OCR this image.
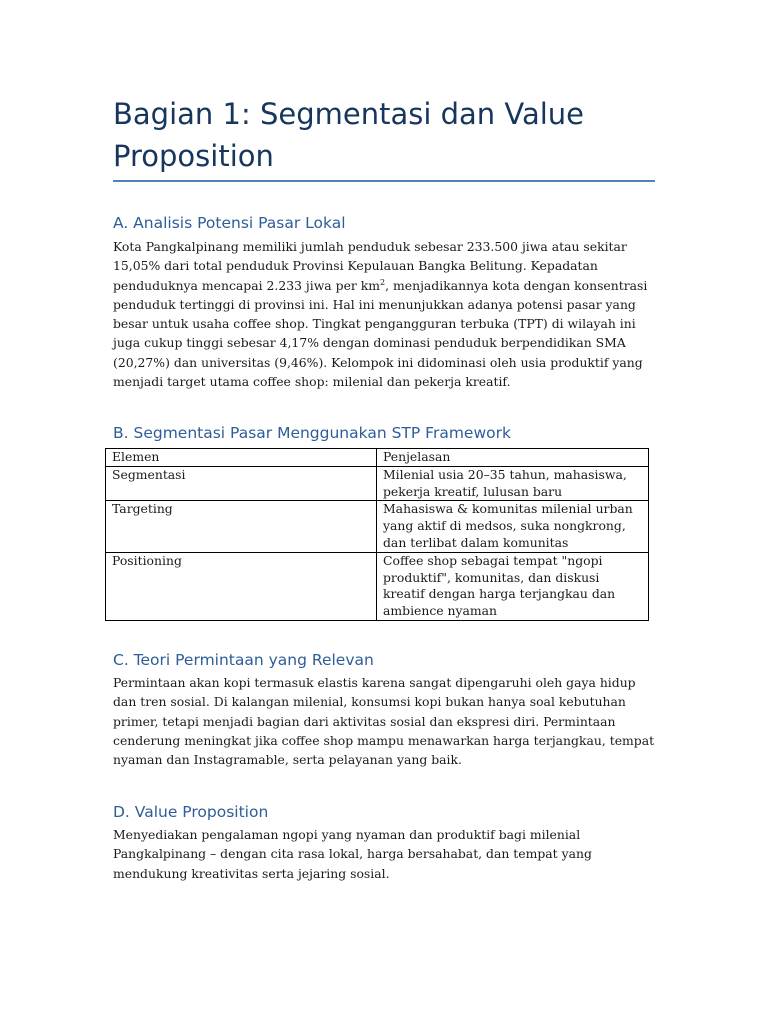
Bagian 1: Segmentasi dan Value Proposition
A. Analisis Potensi Pasar Lokal

Kota Pangkalpinang memiliki jumlah penduduk sebesar 233.500 jiwa atau sekitar 15,05% dari total penduduk Provinsi Kepulauan Bangka Belitung. Kepadatan penduduknya mencapai 2.233 jiwa per $km^2$, menjadikannya kota dengan konsentrasi penduduk tertinggi di provinsi ini. Hal ini menunjukkan adanya potensi pasar yang besar untuk usaha coffee shop. Tingkat pengangguran terbuka (TPT) di wilayah ini juga cukup tinggi sebesar 4,17% dengan dominasi penduduk berpendidikan SMA (20,27%) dan universitas (9,46%). Kelompok ini didominasi oleh usia produktif yang menjadi target utama coffee shop: milenial dan pekerja kreatif.

B. Segmentasi Pasar Menggunakan STP Framework
Elemen	Penjelasan
Segmentasi	Milenial usia 20–35 tahun, mahasiswa, pekerja kreatif, lulusan baru
Targeting	Mahasiswa & komunitas milenial urban yang aktif di medsos, suka nongkrong, dan terlibat dalam komunitas
Positioning	Coffee shop sebagai tempat "ngopi produktif", komunitas, dan diskusi kreatif dengan harga terjangkau dan ambience nyaman
C. Teori Permintaan yang Relevan

Permintaan akan kopi termasuk elastis karena sangat dipengaruhi oleh gaya hidup dan tren sosial. Di kalangan milenial, konsumsi kopi bukan hanya soal kebutuhan primer, tetapi menjadi bagian dari aktivitas sosial dan ekspresi diri. Permintaan cenderung meningkat jika coffee shop mampu menawarkan harga terjangkau, tempat nyaman dan Instagramable, serta pelayanan yang baik.

D. Value Proposition

Menyediakan pengalaman ngopi yang nyaman dan produktif bagi milenial Pangkalpinang – dengan cita rasa lokal, harga bersahabat, dan tempat yang mendukung kreativitas serta jejaring sosial.
